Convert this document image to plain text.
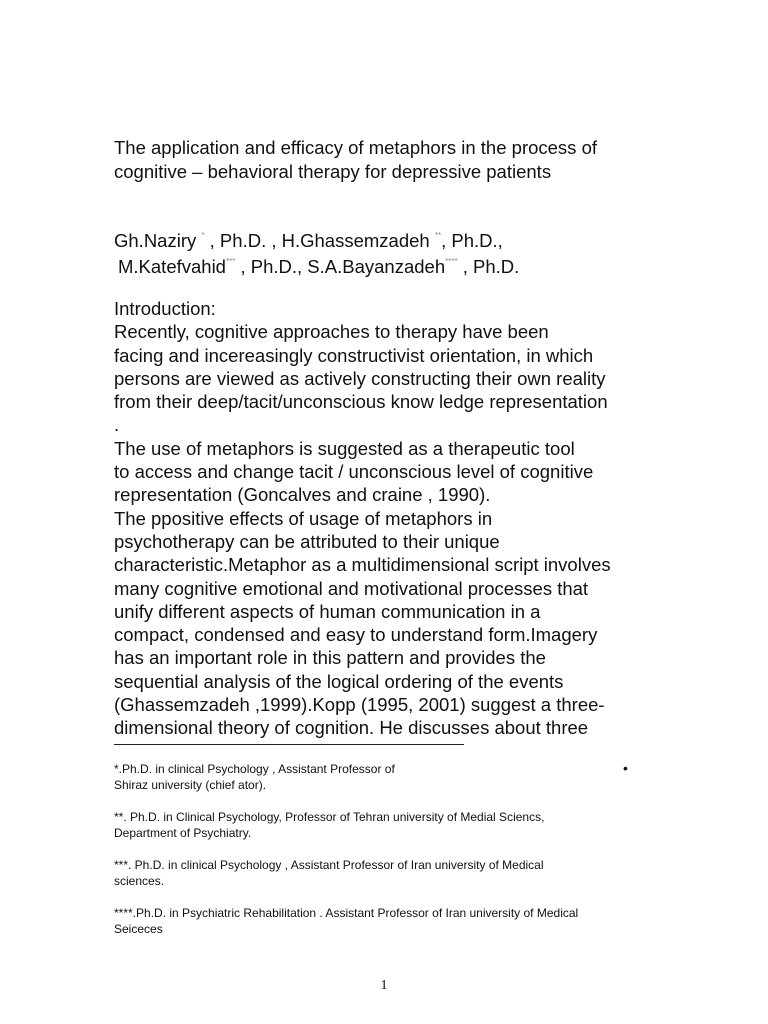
The application and efficacy of metaphors in the process of
cognitive – behavioral therapy for depressive patients
Gh.Naziry * , Ph.D. , H.Ghassemzadeh **, Ph.D.,
M.Katefvahid*** , Ph.D., S.A.Bayanzadeh**** , Ph.D.
Introduction:
Recently, cognitive approaches to therapy have been
facing and incereasingly constructivist orientation, in which
persons are viewed as actively constructing their own reality
from their deep/tacit/unconscious know ledge representation
.
The use of metaphors is suggested as a therapeutic tool
to access and change tacit / unconscious level of cognitive
representation (Goncalves and craine , 1990).
The ppositive effects of usage of metaphors in
psychotherapy can be attributed to their unique
characteristic.Metaphor as a multidimensional script involves
many cognitive emotional and motivational processes that
unify different aspects of human communication in a
compact, condensed and easy to understand form.Imagery
has an important role in this pattern and provides the
sequential analysis of the logical ordering of the events
(Ghassemzadeh ,1999).Kopp (1995, 2001) suggest a three-
dimensional theory of cognition. He discusses about three
•
*.Ph.D. in clinical Psychology , Assistant Professor of
Shiraz university (chief ator).
**. Ph.D. in Clinical Psychology, Professor of Tehran university of Medial Sciencs,
Department of Psychiatry.
***. Ph.D. in clinical Psychology , Assistant Professor of Iran university of Medical
sciences.
****.Ph.D. in Psychiatric Rehabilitation . Assistant Professor of Iran university of Medical
Seiceces
1
